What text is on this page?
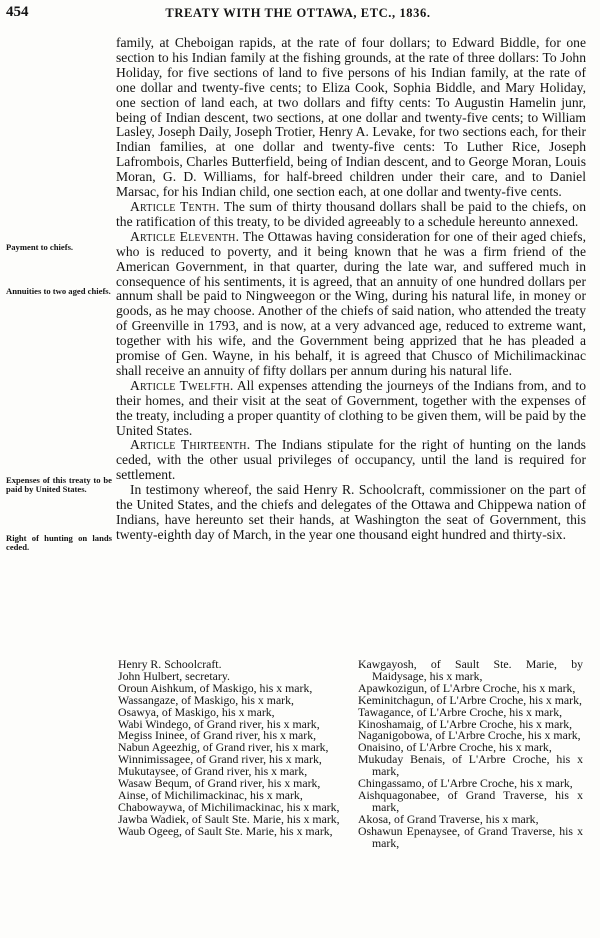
454	TREATY WITH THE OTTAWA, ETC., 1836.
Payment to chiefs.
Annuities to two aged chiefs.
Expenses of this treaty to be paid by United States.
Right of hunting on lands ceded.

family, at Cheboigan rapids, at the rate of four dollars; to Edward Biddle, for one section to his Indian family at the fishing grounds, at the rate of three dollars: To John Holiday, for five sections of land to five persons of his Indian family, at the rate of one dollar and twenty-five cents; to Eliza Cook, Sophia Biddle, and Mary Holiday, one section of land each, at two dollars and fifty cents: To Augustin Hamelin junr, being of Indian descent, two sections, at one dollar and twenty-five cents; to William Lasley, Joseph Daily, Joseph Trotier, Henry A. Levake, for two sections each, for their Indian families, at one dollar and twenty-five cents: To Luther Rice, Joseph Lafrombois, Charles Butterfield, being of Indian descent, and to George Moran, Louis Moran, G. D. Williams, for half-breed children under their care, and to Daniel Marsac, for his Indian child, one section each, at one dollar and twenty-five cents.

Article Tenth. The sum of thirty thousand dollars shall be paid to the chiefs, on the ratification of this treaty, to be divided agreeably to a schedule hereunto annexed.

Article Eleventh. The Ottawas having consideration for one of their aged chiefs, who is reduced to poverty, and it being known that he was a firm friend of the American Government, in that quarter, during the late war, and suffered much in consequence of his sentiments, it is agreed, that an annuity of one hundred dollars per annum shall be paid to Ningweegon or the Wing, during his natural life, in money or goods, as he may choose. Another of the chiefs of said nation, who attended the treaty of Greenville in 1793, and is now, at a very advanced age, reduced to extreme want, together with his wife, and the Government being apprized that he has pleaded a promise of Gen. Wayne, in his behalf, it is agreed that Chusco of Michilimackinac shall receive an annuity of fifty dollars per annum during his natural life.

Article Twelfth. All expenses attending the journeys of the Indians from, and to their homes, and their visit at the seat of Government, together with the expenses of the treaty, including a proper quantity of clothing to be given them, will be paid by the United States.

Article Thirteenth. The Indians stipulate for the right of hunting on the lands ceded, with the other usual privileges of occupancy, until the land is required for settlement.

In testimony whereof, the said Henry R. Schoolcraft, commissioner on the part of the United States, and the chiefs and delegates of the Ottawa and Chippewa nation of Indians, have hereunto set their hands, at Washington the seat of Government, this twenty-eighth day of March, in the year one thousand eight hundred and thirty-six.

Henry R. Schoolcraft.

John Hulbert, secretary.

Oroun Aishkum, of Maskigo, his x mark,

Wassangaze, of Maskigo, his x mark,

Osawya, of Maskigo, his x mark,

Wabi Windego, of Grand river, his x mark,

Megiss Ininee, of Grand river, his x mark,

Nabun Ageezhig, of Grand river, his x mark,

Winnimissagee, of Grand river, his x mark,

Mukutaysee, of Grand river, his x mark,

Wasaw Bequm, of Grand river, his x mark,

Ainse, of Michilimackinac, his x mark,

Chabowaywa, of Michilimackinac, his x mark,

Jawba Wadiek, of Sault Ste. Marie, his x mark,

Waub Ogeeg, of Sault Ste. Marie, his x mark,

Kawgayosh, of Sault Ste. Marie, by Maidysage, his x mark,

Apawkozigun, of L'Arbre Croche, his x mark,

Keminitchagun, of L'Arbre Croche, his x mark,

Tawagance, of L'Arbre Croche, his x mark,

Kinoshamaig, of L'Arbre Croche, his x mark,

Naganigobowa, of L'Arbre Croche, his x mark,

Onaisino, of L'Arbre Croche, his x mark,

Mukuday Benais, of L'Arbre Croche, his x mark,

Chingassamo, of L'Arbre Croche, his x mark,

Aishquagonabee, of Grand Traverse, his x mark,

Akosa, of Grand Traverse, his x mark,

Oshawun Epenaysee, of Grand Traverse, his x mark,
